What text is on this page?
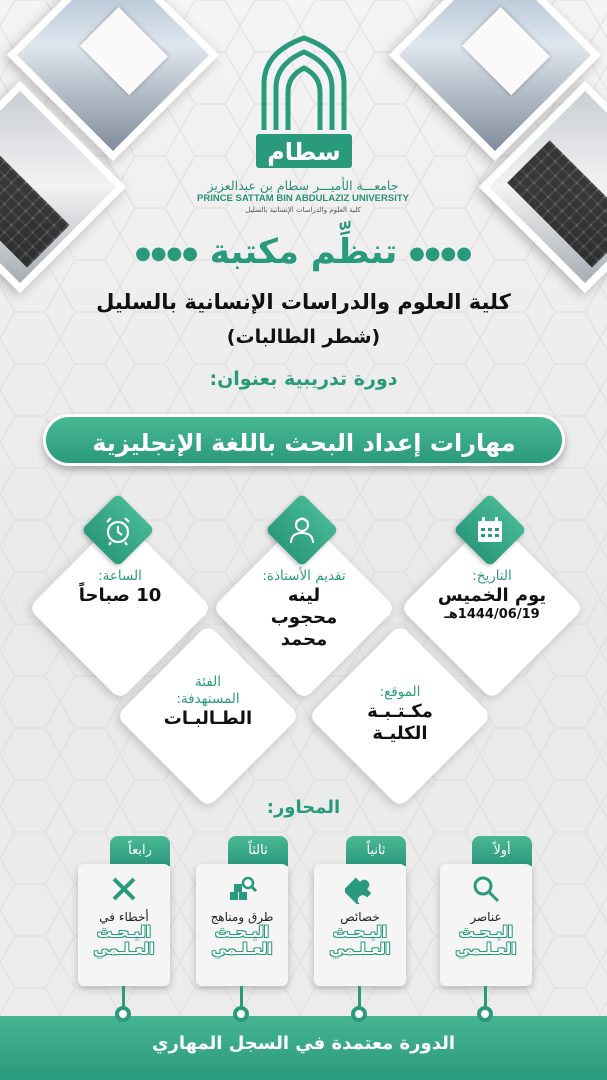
سطام
جامعـــة الأميـــر سطام بن عبدالعزيز
PRINCE SATTAM BIN ABDULAZIZ UNIVERSITY
كلية العلوم والدراسات الإنسانية بالسليل
●●●● تنظِّم مكتبة ●●●●
كلية العلوم والدراسات الإنسانية بالسليل
(شطر الطالبات)
دورة تدريبية بعنوان:
مهارات إعداد البحث باللغة الإنجليزية
التاريخ:
يوم الخميس
1444/06/19هـ
تقديم الأستاذة:
لينه محجوب محمد
الساعة:
10 صباحاً
الموقع:
مكـتـبـة الكليـة
الفئة المستهدفة:
الطـالبـات
المحاور:
أولاً
عناصر
البـحـث العـلـمي
ثانياً
خصائص
البـحـث العـلـمي
ثالثاً
طرق ومناهج
البـحـث العـلـمي
رابعاً
أخطاء في
البـحـث العـلـمي
الدورة معتمدة في السجل المهاري
